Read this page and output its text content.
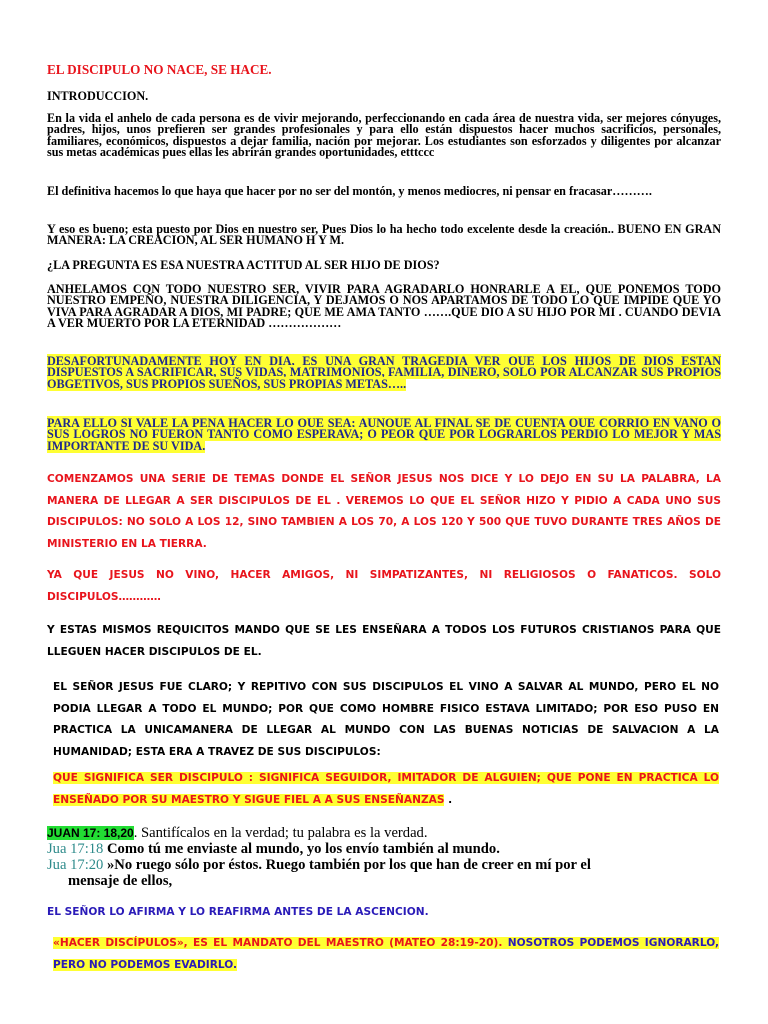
EL DISCIPULO NO NACE, SE HACE.
INTRODUCCION.
En la vida el anhelo de cada persona es de vivir mejorando, perfeccionando en cada área de nuestra vida, ser mejores cónyuges, padres, hijos, unos prefieren ser grandes profesionales y para ello están dispuestos hacer muchos sacrificios, personales, familiares, económicos, dispuestos a dejar familia, nación por mejorar. Los estudiantes son esforzados y diligentes por alcanzar sus metas académicas pues ellas les abrirán grandes oportunidades, etttccc
El definitiva hacemos lo que haya que hacer por no ser del montón, y menos mediocres, ni pensar en fracasar……….
Y eso es bueno; esta puesto por Dios en nuestro ser, Pues Dios lo ha hecho todo excelente desde la creación.. BUENO EN GRAN MANERA: LA CREACION, AL SER HUMANO H Y M.
¿LA PREGUNTA ES ESA NUESTRA ACTITUD AL SER HIJO DE DIOS?
ANHELAMOS CON TODO NUESTRO SER, VIVIR PARA AGRADARLO HONRARLE A EL, QUE PONEMOS TODO NUESTRO EMPEÑO, NUESTRA DILIGENCIA, Y DEJAMOS O NOS APARTAMOS DE TODO LO QUE IMPIDE QUE YO VIVA PARA AGRADAR A DIOS, MI PADRE; QUE ME AMA TANTO …….QUE DIO A SU HIJO POR MI . CUANDO DEVIA A VER MUERTO POR LA ETERNIDAD ………………
DESAFORTUNADAMENTE HOY EN DIA, ES UNA GRAN TRAGEDIA VER QUE LOS HIJOS DE DIOS ESTAN DISPUESTOS A SACRIFICAR, SUS VIDAS, MATRIMONIOS, FAMILIA, DINERO, SOLO POR ALCANZAR SUS PROPIOS OBGETIVOS, SUS PROPIOS SUEÑOS, SUS PROPIAS METAS…..
PARA ELLO SI VALE LA PENA HACER LO QUE SEA; AUNQUE AL FINAL SE DE CUENTA QUE CORRIO EN VANO O SUS LOGROS NO FUERON TANTO COMO ESPERAVA; O PEOR QUE POR LOGRARLOS PERDIO LO MEJOR Y MAS IMPORTANTE DE SU VIDA.
COMENZAMOS UNA SERIE DE TEMAS DONDE EL SEÑOR JESUS NOS DICE Y LO DEJO EN SU LA PALABRA, LA MANERA DE LLEGAR A SER DISCIPULOS DE EL . VEREMOS LO QUE EL SEÑOR HIZO Y PIDIO A CADA UNO SUS DISCIPULOS: NO SOLO A LOS 12, SINO TAMBIEN A LOS 70, A LOS 120 Y 500 QUE TUVO DURANTE TRES AÑOS DE MINISTERIO EN LA TIERRA.
YA QUE JESUS NO VINO, HACER AMIGOS, NI SIMPATIZANTES, NI RELIGIOSOS O FANATICOS. SOLO DISCIPULOS…………
Y ESTAS MISMOS REQUICITOS MANDO QUE SE LES ENSEÑARA A TODOS LOS FUTUROS CRISTIANOS PARA QUE LLEGUEN HACER DISCIPULOS DE EL.
EL SEÑOR JESUS FUE CLARO; Y REPITIVO CON SUS DISCIPULOS EL VINO A SALVAR AL MUNDO, PERO EL NO PODIA LLEGAR A TODO EL MUNDO; POR QUE COMO HOMBRE FISICO ESTAVA LIMITADO; POR ESO PUSO EN PRACTICA LA UNICAMANERA DE LLEGAR AL MUNDO CON LAS BUENAS NOTICIAS DE SALVACION A LA HUMANIDAD; ESTA ERA A TRAVEZ DE SUS DISCIPULOS:
QUE SIGNIFICA SER DISCIPULO : SIGNIFICA SEGUIDOR, IMITADOR DE ALGUIEN; QUE PONE EN PRACTICA LO ENSEÑADO POR SU MAESTRO Y SIGUE FIEL A A SUS ENSEÑANZAS .
JUAN 17: 18,20. Santifícalos en la verdad; tu palabra es la verdad.
Jua 17:18 Como tú me enviaste al mundo, yo los envío también al mundo.
Jua 17:20 »No ruego sólo por éstos. Ruego también por los que han de creer en mí por el
mensaje de ellos,
EL SEÑOR LO AFIRMA Y LO REAFIRMA ANTES DE LA ASCENCION.
«HACER DISCÍPULOS», ES EL MANDATO DEL MAESTRO (MATEO 28:19-20). NOSOTROS PODEMOS IGNORARLO, PERO NO PODEMOS EVADIRLO.
